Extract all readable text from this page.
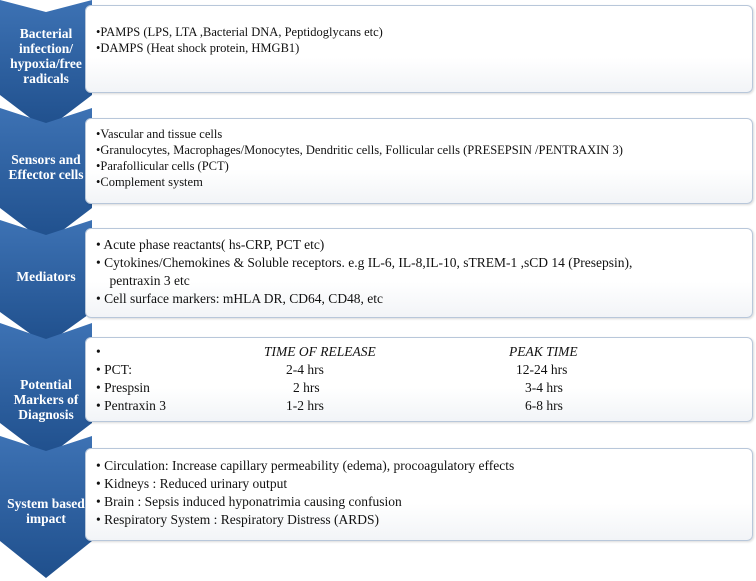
Bacterial infection/ hypoxia/free radicals
•PAMPS (LPS, LTA ,Bacterial DNA, Peptidoglycans etc)
•DAMPS (Heat shock protein, HMGB1)
Sensors and Effector cells
•Vascular and tissue cells
•Granulocytes, Macrophages/Monocytes, Dendritic cells, Follicular cells (PRESEPSIN /PENTRAXIN 3)
•Parafollicular cells (PCT)
•Complement system
Mediators
• Acute phase reactants( hs-CRP, PCT etc)
• Cytokines/Chemokines & Soluble receptors. e.g IL-6, IL-8,IL-10, sTREM-1 ,sCD 14 (Presepsin),
pentraxin 3 etc
• Cell surface markers: mHLA DR, CD64, CD48, etc
Potential Markers of Diagnosis
•	TIME OF RELEASE	PEAK TIME
• PCT:	2-4 hrs	12-24 hrs
• Prespsin	2 hrs	3-4 hrs
• Pentraxin 3	1-2 hrs	6-8 hrs
System based impact
• Circulation: Increase capillary permeability (edema), procoagulatory effects
• Kidneys : Reduced urinary output
• Brain : Sepsis induced hyponatrimia causing confusion
• Respiratory System : Respiratory Distress (ARDS)
